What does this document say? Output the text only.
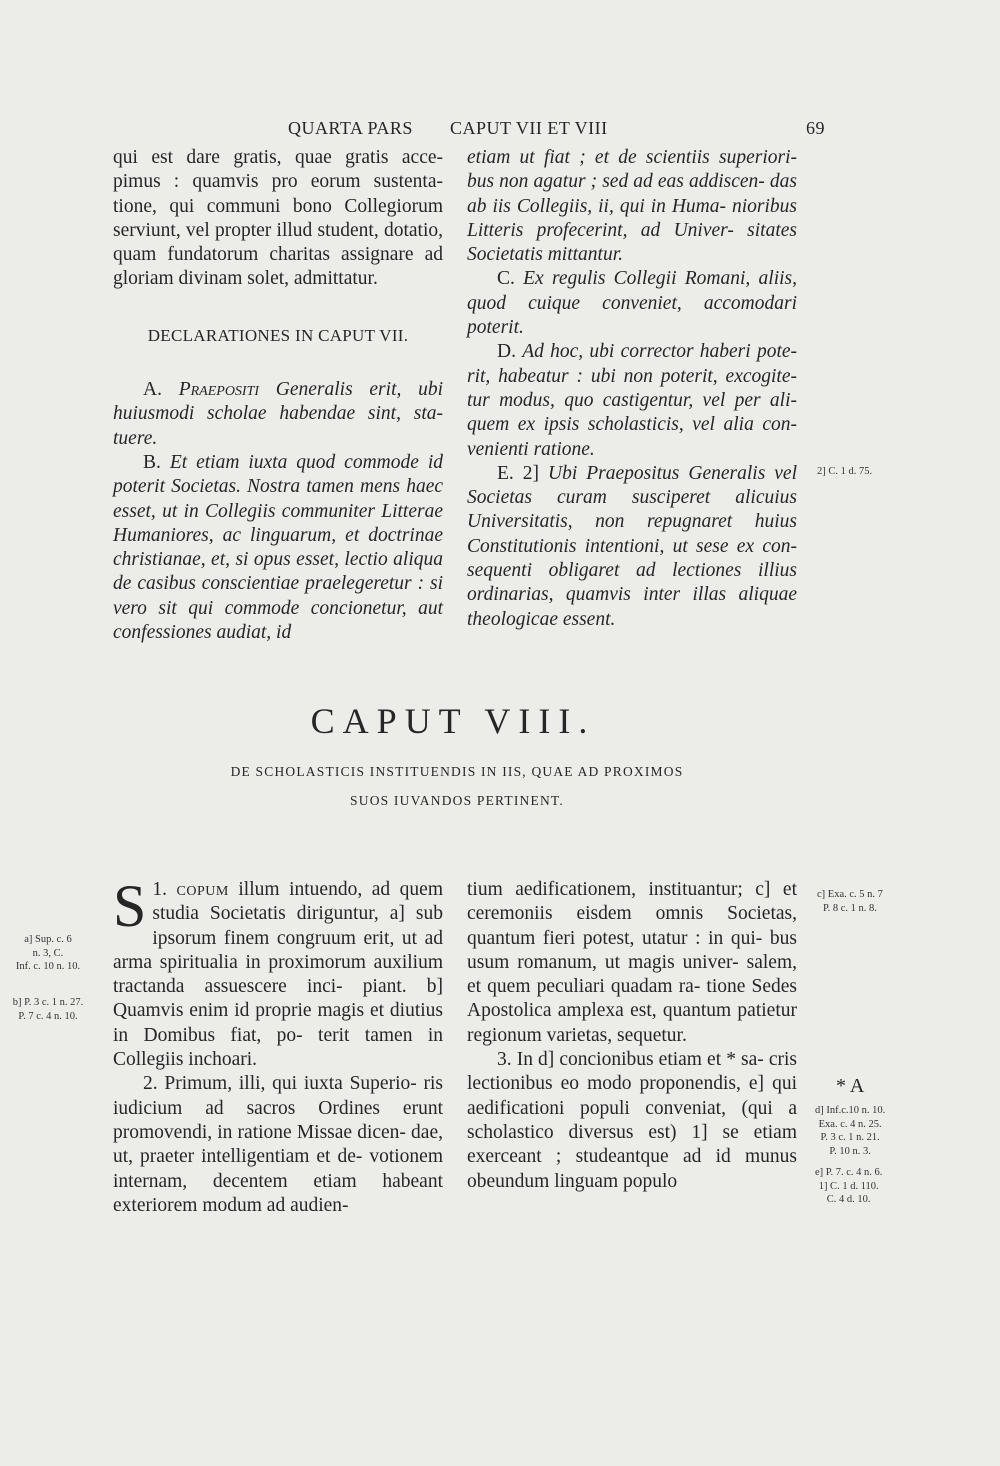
QUARTA PARS CAPUT VII ET VIII	69

qui est dare gratis, quae gratis acce- pimus : quamvis pro eorum sustenta- tione, qui communi bono Collegiorum serviunt, vel propter illud student, dotatio, quam fundatorum charitas assignare ad gloriam divinam solet, admittatur.

DECLARATIONES IN CAPUT VII.

A. Praepositi Generalis erit, ubi huiusmodi scholae habendae sint, sta- tuere.

B. Et etiam iuxta quod commode id poterit Societas. Nostra tamen mens haec esset, ut in Collegiis communiter Litterae Humaniores, ac linguarum, et doctrinae christianae, et, si opus esset, lectio aliqua de casibus conscientiae praelegeretur : si vero sit qui commode concionetur, aut confessiones audiat, id

etiam ut fiat ; et de scientiis superiori- bus non agatur ; sed ad eas addiscen- das ab iis Collegiis, ii, qui in Huma- nioribus Litteris profecerint, ad Univer- sitates Societatis mittantur.

C. Ex regulis Collegii Romani, aliis, quod cuique conveniet, accomodari poterit.

D. Ad hoc, ubi corrector haberi pote- rit, habeatur : ubi non poterit, excogite- tur modus, quo castigentur, vel per ali- quem ex ipsis scholasticis, vel alia con- venienti ratione.

E. 2] Ubi Praepositus Generalis vel Societas curam susciperet alicuius Universitatis, non repugnaret huius Constitutionis intentioni, ut sese ex con- sequenti obligaret ad lectiones illius ordinarias, quamvis inter illas aliquae theologicae essent.

CAPUT VIII.
DE SCHOLASTICIS INSTITUENDIS IN IIS, QUAE AD PROXIMOS
SUOS IUVANDOS PERTINENT.

1.
S copum illum intuendo, ad quem studia Societatis diriguntur, a] sub ipsorum finem congruum erit, ut ad arma spiritualia in proximorum auxilium tractanda assuescere inci- piant. b] Quamvis enim id proprie magis et diutius in Domibus fiat, po- terit tamen in Collegiis inchoari.

2. Primum, illi, qui iuxta Superio- ris iudicium ad sacros Ordines erunt promovendi, in ratione Missae dicen- dae, ut, praeter intelligentiam et de- votionem internam, decentem etiam habeant exteriorem modum ad audien-

tium aedificationem, instituantur; c] et ceremoniis eisdem omnis Societas, quantum fieri potest, utatur : in qui- bus usum romanum, ut magis univer- salem, et quem peculiari quadam ra- tione Sedes Apostolica amplexa est, quantum patietur regionum varietas, sequetur.

3. In d] concionibus etiam et * sa- cris lectionibus eo modo proponendis, e] qui aedificationi populi conveniat, (qui a scholastico diversus est) 1] se etiam exerceant ; studeantque ad id munus obeundum linguam populo

2] C. 1 d. 75.
c] Exa. c. 5 n. 7
P. 8 c. 1 n. 8.
* A
d] Inf.c.10 n. 10.
Exa. c. 4 n. 25.
P. 3 c. 1 n. 21.
P. 10 n. 3.
e] P. 7. c. 4 n. 6.
1] C. 1 d. 110.
C. 4 d. 10.
a] Sup. c. 6
n. 3, C.
Inf. c. 10 n. 10.
b] P. 3 c. 1 n. 27.
P. 7 c. 4 n. 10.
